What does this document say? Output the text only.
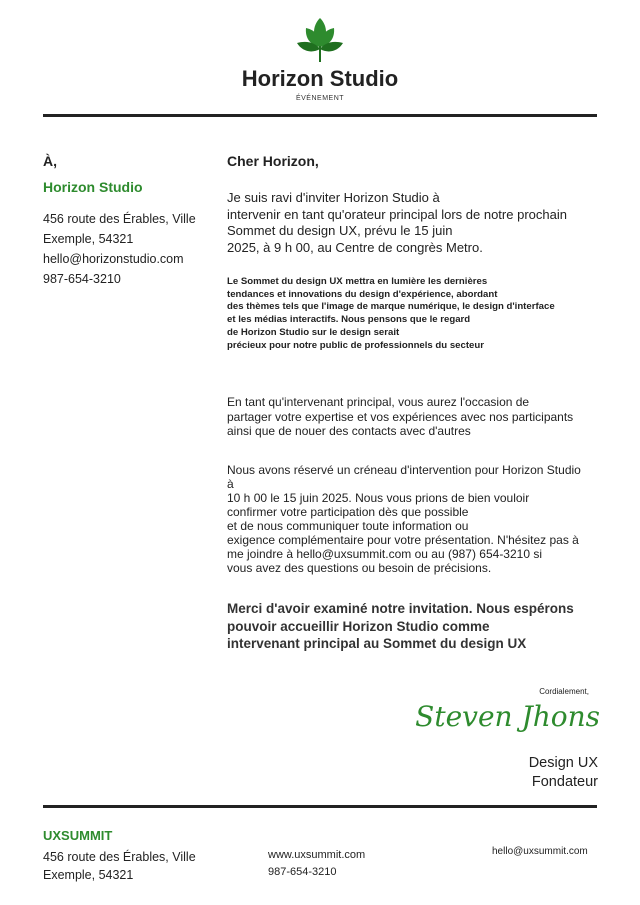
Horizon Studio
ÉVÉNEMENT
À,
Horizon Studio
456 route des Érables, Ville Exemple, 54321
hello@horizonstudio.com
987-654-3210
Cher Horizon,
Je suis ravi d'inviter Horizon Studio à
intervenir en tant qu'orateur principal lors de notre prochain
Sommet du design UX, prévu le 15 juin
2025, à 9 h 00, au Centre de congrès Metro.
Le Sommet du design UX mettra en lumière les dernières
tendances et innovations du design d'expérience, abordant
des thèmes tels que l'image de marque numérique, le design d'interface
et les médias interactifs. Nous pensons que le regard
de Horizon Studio sur le design serait
précieux pour notre public de professionnels du secteur
En tant qu'intervenant principal, vous aurez l'occasion de
partager votre expertise et vos expériences avec nos participants
ainsi que de nouer des contacts avec d'autres
Nous avons réservé un créneau d'intervention pour Horizon Studio
à
10 h 00 le 15 juin 2025. Nous vous prions de bien vouloir
confirmer votre participation dès que possible
et de nous communiquer toute information ou
exigence complémentaire pour votre présentation. N'hésitez pas à
me joindre à hello@uxsummit.com ou au (987) 654-3210 si
vous avez des questions ou besoin de précisions.
Merci d'avoir examiné notre invitation. Nous espérons
pouvoir accueillir Horizon Studio comme
intervenant principal au Sommet du design UX
Cordialement,
Steven Jhons
Design UX
Fondateur
UXSUMMIT
456 route des Érables, Ville Exemple, 54321
www.uxsummit.com
987-654-3210
hello@uxsummit.com
